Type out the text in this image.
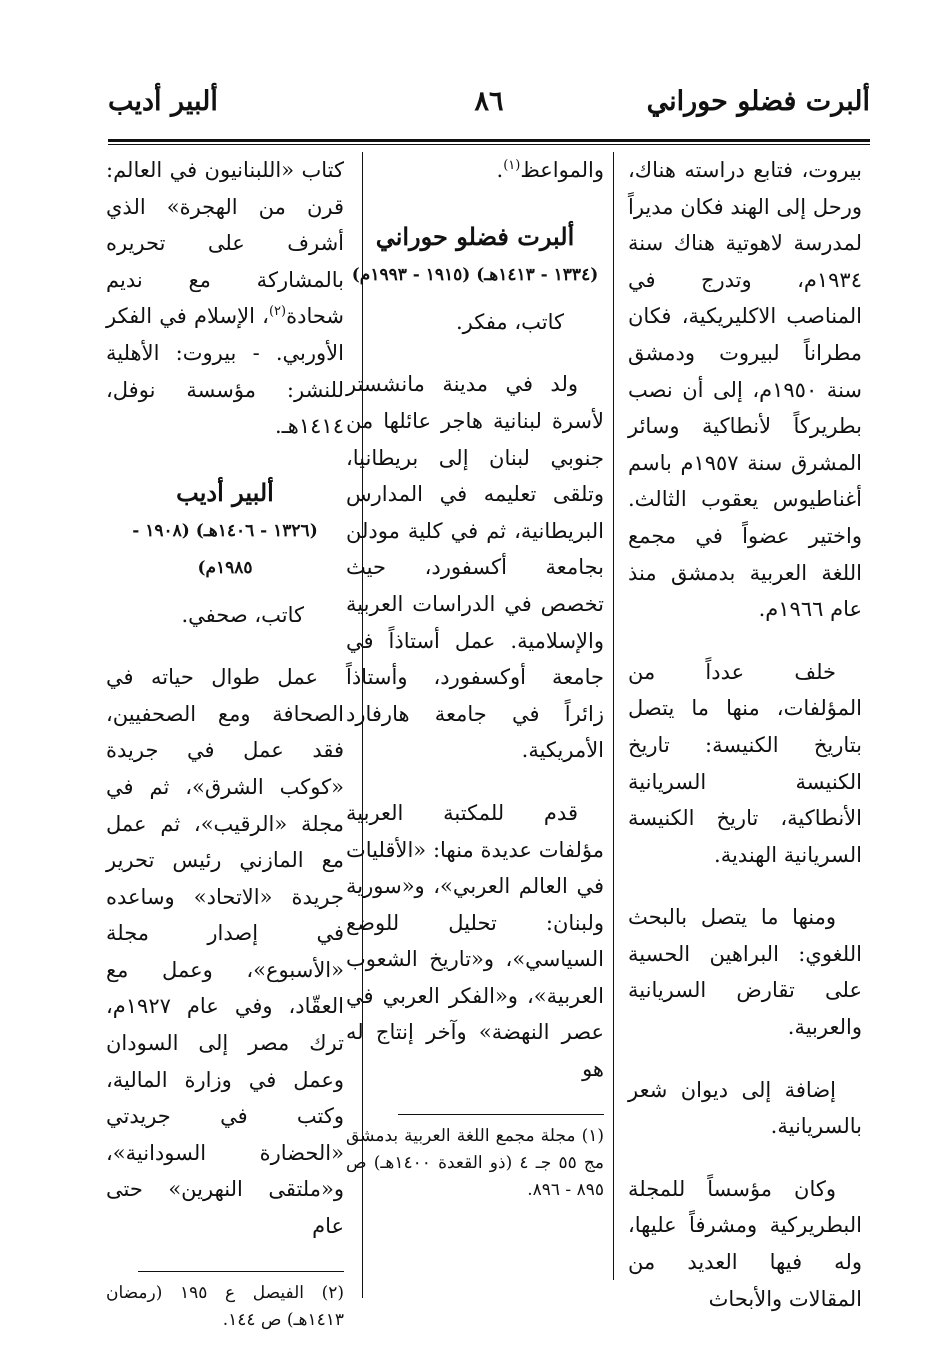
ألبرت فضلو حوراني
٨٦
ألبير أديب

بيروت، فتابع دراسته هناك، ورحل إلى الهند فكان مديراً لمدرسة لاهوتية هناك سنة ١٩٣٤م، وتدرج في المناصب الاكليريكية، فكان مطراناً لبيروت ودمشق سنة ١٩٥٠م، إلى أن نصب بطريركاً لأنطاكية وسائر المشرق سنة ١٩٥٧م باسم أغناطيوس يعقوب الثالث. واختير عضواً في مجمع اللغة العربية بدمشق منذ عام ١٩٦٦م.

خلف عدداً من المؤلفات، منها ما يتصل بتاريخ الكنيسة: تاريخ الكنيسة السريانية الأنطاكية، تاريخ الكنيسة السريانية الهندية.

ومنها ما يتصل بالبحث اللغوي: البراهين الحسية على تقارض السريانية والعربية.

إضافة إلى ديوان شعر بالسريانية.

وكان مؤسساً للمجلة البطريركية ومشرفاً عليها، وله فيها العديد من المقالات والأبحاث

والمواعظ$^{(١)}$.

ألبرت فضلو حوراني

(١٣٣٤ - ١٤١٣هـ) (١٩١٥ - ١٩٩٣م)

كاتب، مفكر.

ولد في مدينة مانشستر لأسرة لبنانية هاجر عائلها من جنوبي لبنان إلى بريطانيا، وتلقى تعليمه في المدارس البريطانية، ثم في كلية مودلن بجامعة أكسفورد، حيث تخصص في الدراسات العربية والإسلامية. عمل أستاذاً في جامعة أوكسفورد، وأستاذاً زائراً في جامعة هارفارد الأمريكية.

قدم للمكتبة العربية مؤلفات عديدة منها: «الأقليات في العالم العربي»، و«سورية ولبنان: تحليل للوضع السياسي»، و«تاريخ الشعوب العربية»، و«الفكر العربي في عصر النهضة» وآخر إنتاج له هو

(١) مجلة مجمع اللغة العربية بدمشق مج ٥٥ جـ ٤ (ذو القعدة ١٤٠٠هـ) ص ٨٩٥ - ٨٩٦.

كتاب «اللبنانيون في العالم: قرن من الهجرة» الذي أشرف على تحريره بالمشاركة مع نديم شحادة$^{(٢)}$، الإسلام في الفكر الأوربي. - بيروت: الأهلية للنشر: مؤسسة نوفل، ١٤١٤هـ.

ألبير أديب

(١٣٢٦ - ١٤٠٦هـ) (١٩٠٨ - ١٩٨٥م)

كاتب، صحفي.

عمل طوال حياته في الصحافة ومع الصحفيين، فقد عمل في جريدة «كوكب الشرق»، ثم في مجلة «الرقيب»، ثم عمل مع المازني رئيس تحرير جريدة «الاتحاد» وساعده في إصدار مجلة «الأسبوع»، وعمل مع العقّاد، وفي عام ١٩٢٧م، ترك مصر إلى السودان وعمل في وزارة المالية، وكتب في جريدتي «الحضارة السودانية»، و«ملتقى النهرين» حتى عام

(٢) الفيصل ع ١٩٥ (رمضان ١٤١٣هـ) ص ١٤٤.
